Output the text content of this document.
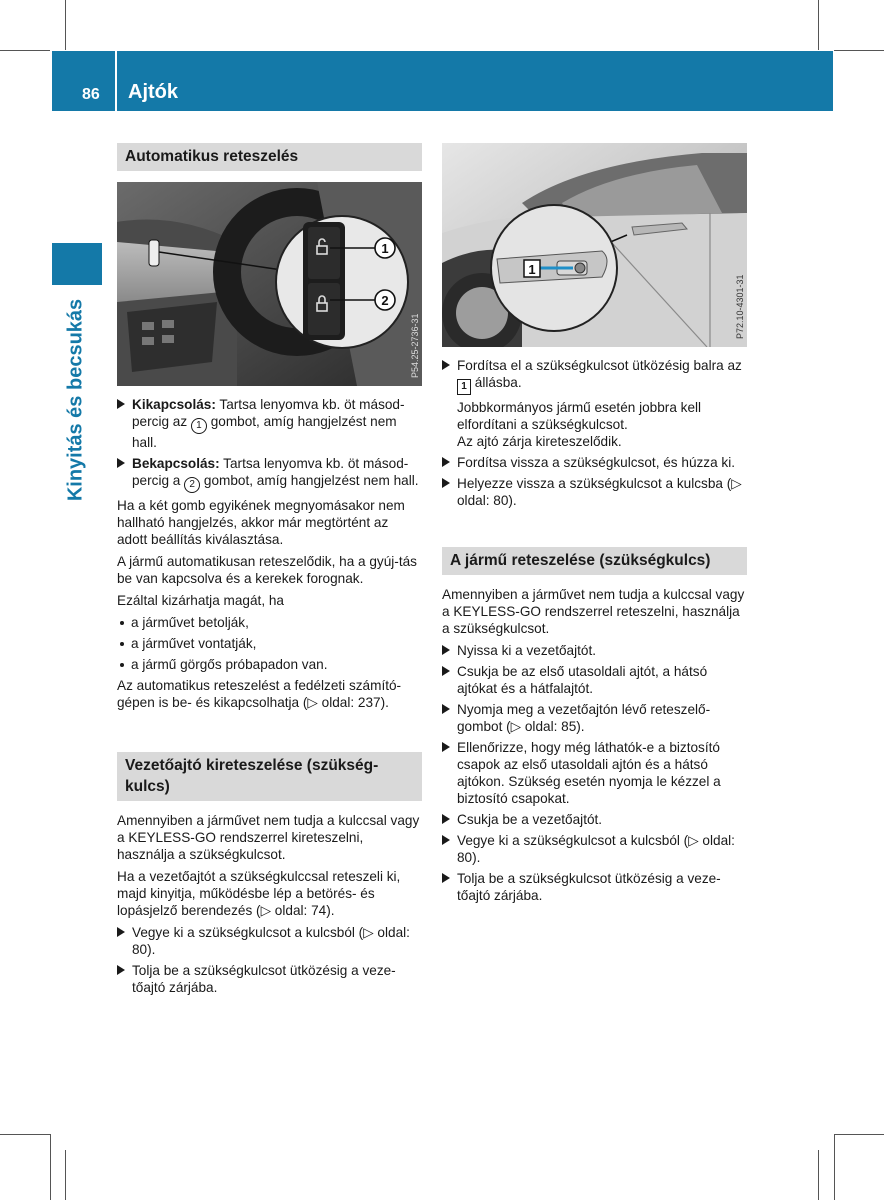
86 Ajtók
Kinyitás és becsukás
Automatikus reteszelés
1
2
P54.25-2736-31
Kikapcsolás: Tartsa lenyomva kb. öt másod-percig az 1 gombot, amíg hangjelzést nem hall.
Bekapcsolás: Tartsa lenyomva kb. öt másod-percig a 2 gombot, amíg hangjelzést nem hall.

Ha a két gomb egyikének megnyomásakor nem hallható hangjelzés, akkor már megtörtént az adott beállítás kiválasztása.

A jármű automatikusan reteszelődik, ha a gyúj-tás be van kapcsolva és a kerekek forognak.

Ezáltal kizárhatja magát, ha

a járművet betolják,
a járművet vontatják,
a jármű görgős próbapadon van.

Az automatikus reteszelést a fedélzeti számító-gépen is be- és kikapcsolhatja (▷ oldal: 237).

Vezetőajtó kireteszelése (szükség-kulcs)

Amennyiben a járművet nem tudja a kulccsal vagy a KEYLESS-GO rendszerrel kireteszelni, használja a szükségkulcsot.

Ha a vezetőajtót a szükségkulccsal reteszeli ki, majd kinyitja, működésbe lép a betörés- és lopásjelző berendezés (▷ oldal: 74).

Vegye ki a szükségkulcsot a kulcsból (▷ oldal: 80).
Tolja be a szükségkulcsot ütközésig a veze-tőajtó zárjába.
1
P72.10-4301-31
Fordítsa el a szükségkulcsot ütközésig balra az 1 állásba.
Jobbkormányos jármű esetén jobbra kell elfordítani a szükségkulcsot.
Az ajtó zárja kireteszelődik.
Fordítsa vissza a szükségkulcsot, és húzza ki.
Helyezze vissza a szükségkulcsot a kulcsba (▷ oldal: 80).
A jármű reteszelése (szükségkulcs)

Amennyiben a járművet nem tudja a kulccsal vagy a KEYLESS-GO rendszerrel reteszelni, használja a szükségkulcsot.

Nyissa ki a vezetőajtót.
Csukja be az első utasoldali ajtót, a hátsó ajtókat és a hátfalajtót.
Nyomja meg a vezetőajtón lévő reteszelő-gombot (▷ oldal: 85).
Ellenőrizze, hogy még láthatók-e a biztosító csapok az első utasoldali ajtón és a hátsó ajtókon. Szükség esetén nyomja le kézzel a biztosító csapokat.
Csukja be a vezetőajtót.
Vegye ki a szükségkulcsot a kulcsból (▷ oldal: 80).
Tolja be a szükségkulcsot ütközésig a veze-tőajtó zárjába.
